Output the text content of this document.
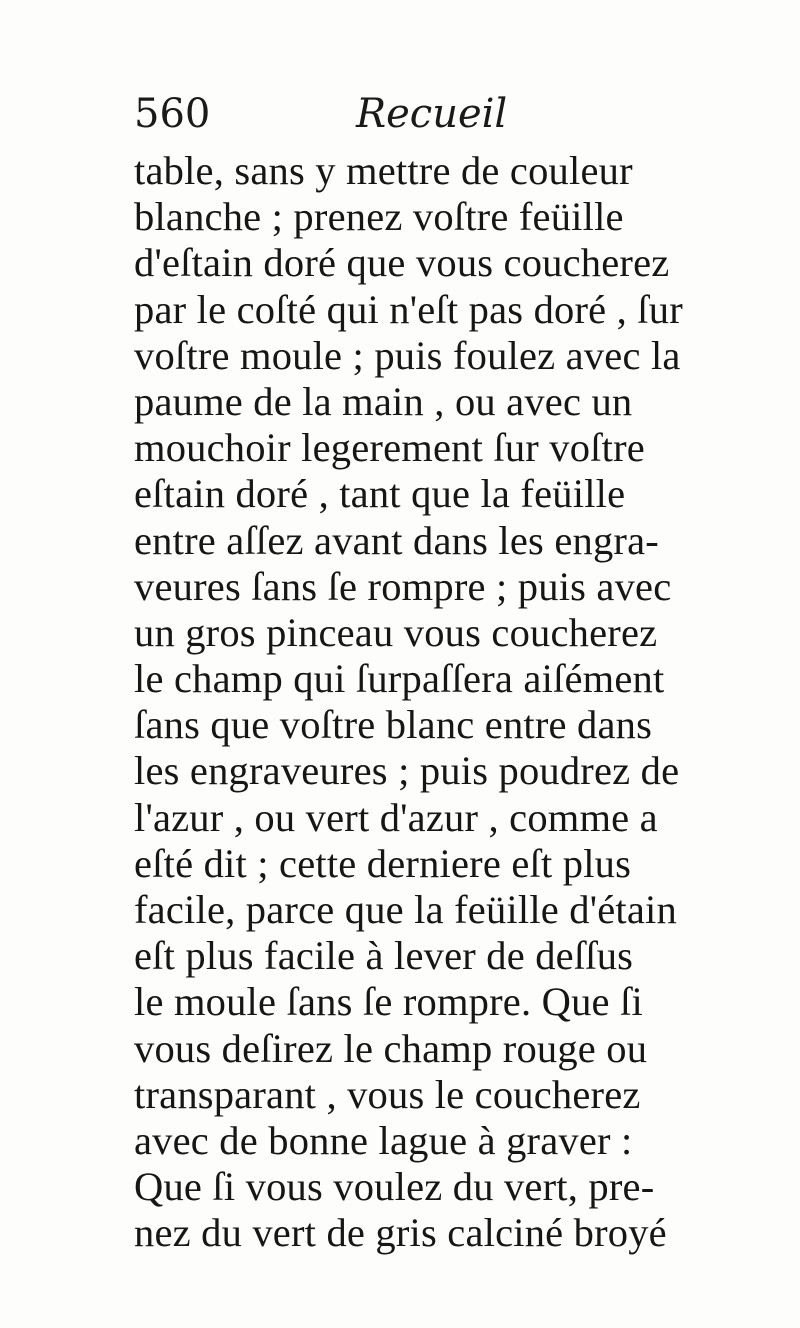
560	Recueil
table, sans y mettre de couleur
blanche ; prenez voſtre feüille
d'eſtain doré que vous coucherez
par le coſté qui n'eſt pas doré , ſur
voſtre moule ; puis foulez avec la
paume de la main , ou avec un
mouchoir legerement ſur voſtre
eſtain doré , tant que la feüille
entre aſſez avant dans les engra-
veures ſans ſe rompre ; puis avec
un gros pinceau vous coucherez
le champ qui ſurpaſſera aiſément
ſans que voſtre blanc entre dans
les engraveures ; puis poudrez de
l'azur , ou vert d'azur , comme a
eſté dit ; cette derniere eſt plus
facile, parce que la feüille d'étain
eſt plus facile à lever de deſſus
le moule ſans ſe rompre. Que ſi
vous deſirez le champ rouge ou
transparant , vous le coucherez
avec de bonne lague à graver :
Que ſi vous voulez du vert, pre-
nez du vert de gris calciné broyé
